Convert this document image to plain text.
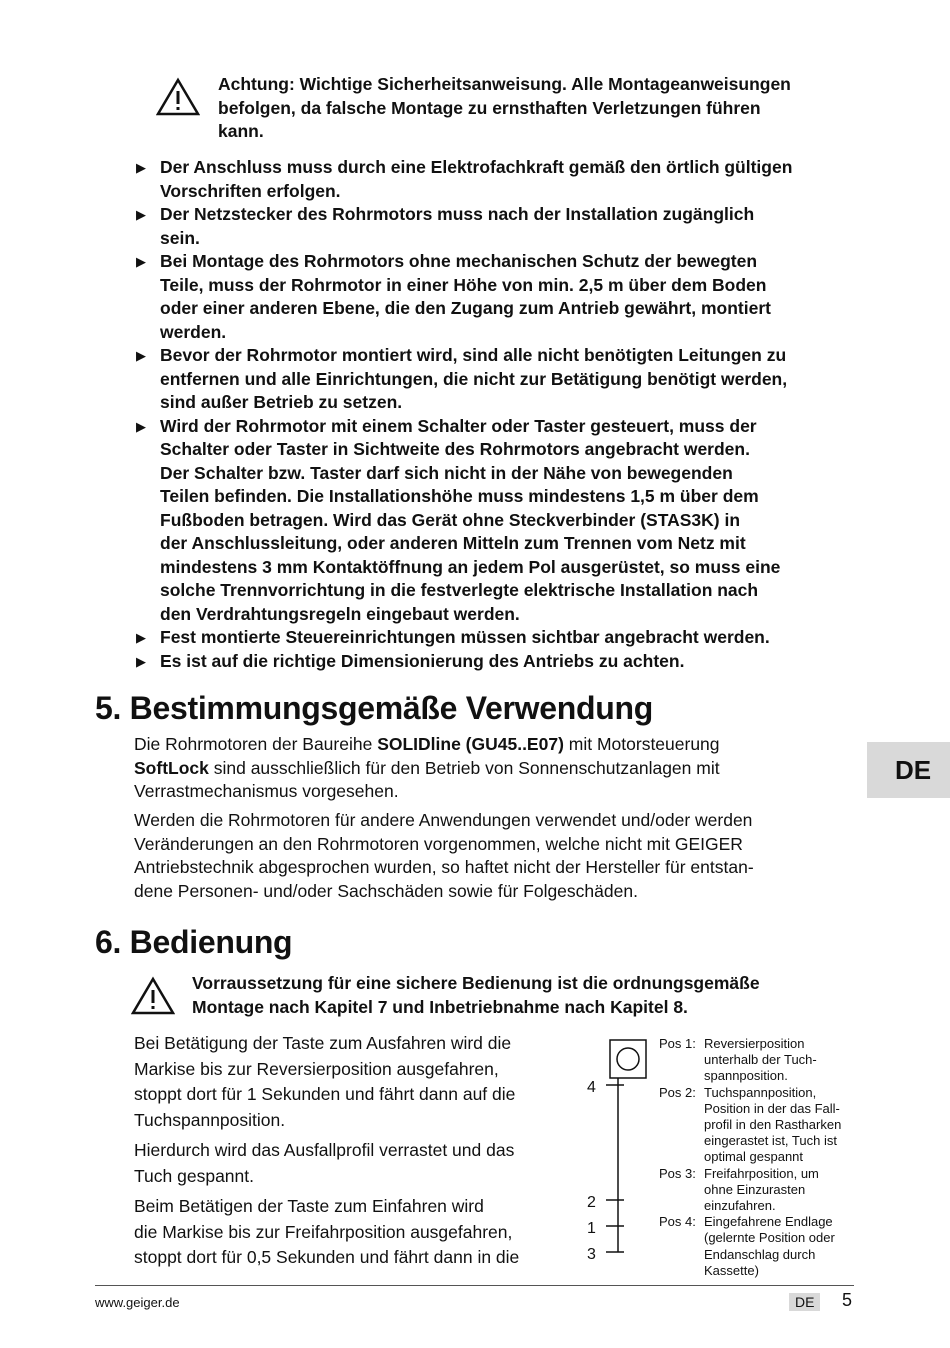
Achtung: Wichtige Sicherheitsanweisung. Alle Montageanweisungen
befolgen, da falsche Montage zu ernsthaften Verletzungen führen
kann.
▶ Der Anschluss muss durch eine Elektrofachkraft gemäß den örtlich gültigen
Vorschriften erfolgen.
▶ Der Netzstecker des Rohrmotors muss nach der Installation zugänglich
sein.
▶ Bei Montage des Rohrmotors ohne mechanischen Schutz der bewegten
Teile, muss der Rohrmotor in einer Höhe von min. 2,5 m über dem Boden
oder einer anderen Ebene, die den Zugang zum Antrieb gewährt, montiert
werden.
▶ Bevor der Rohrmotor montiert wird, sind alle nicht benötigten Leitungen zu
entfernen und alle Einrichtungen, die nicht zur Betätigung benötigt werden,
sind außer Betrieb zu setzen.
▶ Wird der Rohrmotor mit einem Schalter oder Taster gesteuert, muss der
Schalter oder Taster in Sichtweite des Rohrmotors angebracht werden.
Der Schalter bzw. Taster darf sich nicht in der Nähe von bewegenden
Teilen befinden. Die Installationshöhe muss mindestens 1,5 m über dem
Fußboden betragen. Wird das Gerät ohne Steckverbinder (STAS3K) in
der Anschlussleitung, oder anderen Mitteln zum Trennen vom Netz mit
mindestens 3 mm Kontaktöffnung an jedem Pol ausgerüstet, so muss eine
solche Trennvorrichtung in die festverlegte elektrische Installation nach
den Verdrahtungsregeln eingebaut werden.
▶ Fest montierte Steuereinrichtungen müssen sichtbar angebracht werden.
▶ Es ist auf die richtige Dimensionierung des Antriebs zu achten.
5. Bestimmungsgemäße Verwendung
Die Rohrmotoren der Baureihe SOLIDline (GU45..E07) mit Motorsteuerung
SoftLock sind ausschließlich für den Betrieb von Sonnenschutzanlagen mit
Verrastmechanismus vorgesehen.
Werden die Rohrmotoren für andere Anwendungen verwendet und/oder werden
Veränderungen an den Rohrmotoren vorgenommen, welche nicht mit GEIGER
Antriebstechnik abgesprochen wurden, so haftet nicht der Hersteller für entstan-
dene Personen- und/oder Sachschäden sowie für Folgeschäden.
DE
6. Bedienung
Vorraussetzung für eine sichere Bedienung ist die ordnungsgemäße
Montage nach Kapitel 7 und Inbetriebnahme nach Kapitel 8.

Bei Betätigung der Taste zum Ausfahren wird die
Markise bis zur Reversierposition ausgefahren,
stoppt dort für 1 Sekunden und fährt dann auf die
Tuchspannposition.

Hierdurch wird das Ausfallprofil verrastet und das
Tuch gespannt.

Beim Betätigen der Taste zum Einfahren wird
die Markise bis zur Freifahrposition ausgefahren,
stoppt dort für 0,5 Sekunden und fährt dann in die

4
2
1
3
Pos 1: Reversierposition
unterhalb der Tuch-
spannposition.
Pos 2: Tuchspannposition,
Position in der das Fall-
profil in den Rastharken
eingerastet ist, Tuch ist
optimal gespannt
Pos 3: Freifahrposition, um
ohne Einzurasten
einzufahren.
Pos 4: Eingefahrene Endlage
(gelernte Position oder
Endanschlag durch
Kassette)
www.geiger.de	DE	5
